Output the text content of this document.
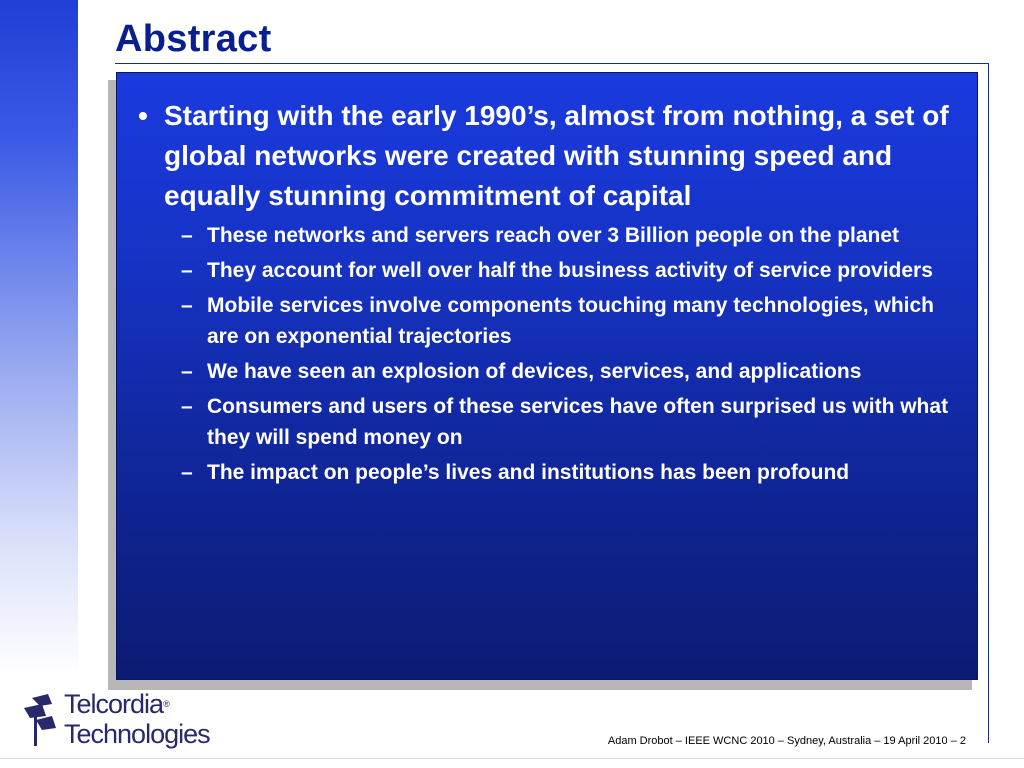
Abstract

• Starting with the early 1990’s, almost from nothing, a set of global networks were created with stunning speed and equally stunning commitment of capital

– These networks and servers reach over 3 Billion people on the planet
– They account for well over half the business activity of service providers
– Mobile services involve components touching many technologies, which are on exponential trajectories
– We have seen an explosion of devices, services, and applications
– Consumers and users of these services have often surprised us with what they will spend money on
– The impact on people’s lives and institutions has been profound
Telcordia®
Technologies	Adam Drobot – IEEE WCNC 2010 – Sydney, Australia – 19 April 2010 – 2
